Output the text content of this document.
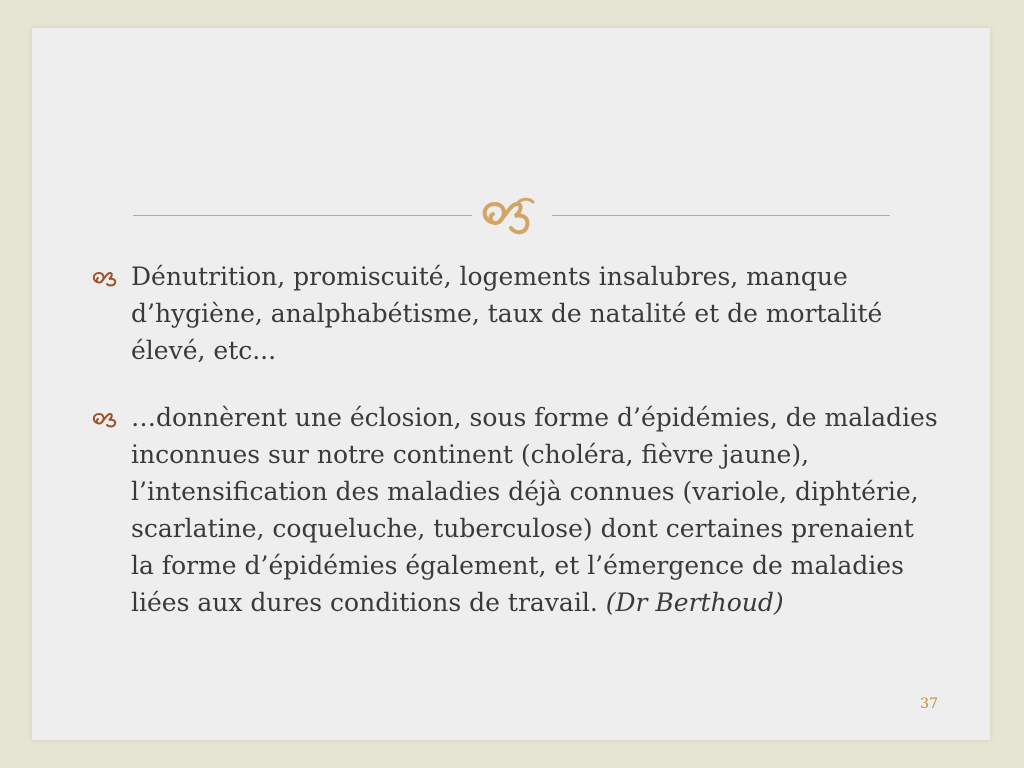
Dénutrition, promiscuité, logements insalubres, manque d’hygiène, analphabétisme, taux de natalité et de mortalité élevé, etc...
…donnèrent une éclosion, sous forme d’épidémies, de maladies inconnues sur notre continent (choléra, fièvre jaune), l’intensification des maladies déjà connues (variole, diphtérie, scarlatine, coqueluche, tuberculose) dont certaines prenaient la forme d’épidémies également, et l’émergence de maladies liées aux dures conditions de travail. (Dr Berthoud)
37
